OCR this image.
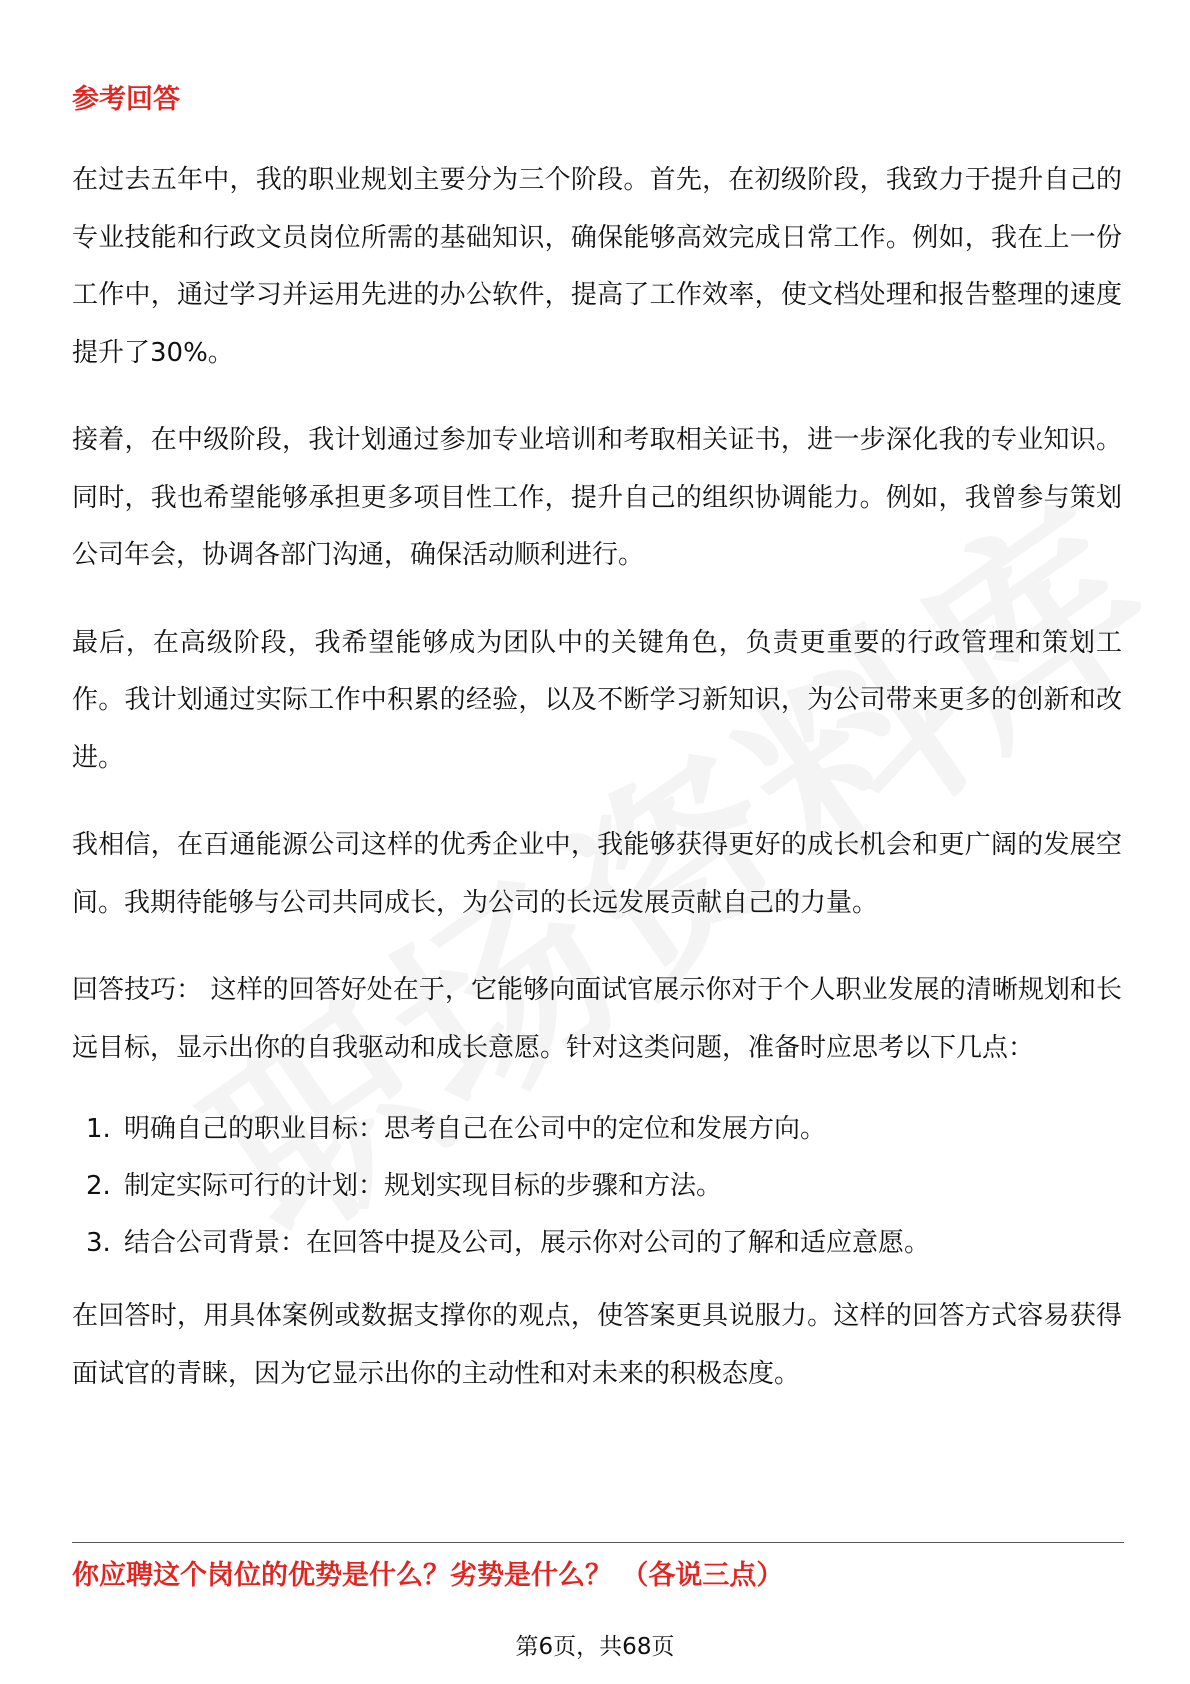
参考回答

在过去五年中，我的职业规划主要分为三个阶段。首先，在初级阶段，我致力于提升自己的专业技能和行政文员岗位所需的基础知识，确保能够高效完成日常工作。例如，我在上一份工作中，通过学习并运用先进的办公软件，提高了工作效率，使文档处理和报告整理的速度提升了30%。

接着，在中级阶段，我计划通过参加专业培训和考取相关证书，进一步深化我的专业知识。同时，我也希望能够承担更多项目性工作，提升自己的组织协调能力。例如，我曾参与策划公司年会，协调各部门沟通，确保活动顺利进行。

最后，在高级阶段，我希望能够成为团队中的关键角色，负责更重要的行政管理和策划工作。我计划通过实际工作中积累的经验，以及不断学习新知识，为公司带来更多的创新和改进。

我相信，在百通能源公司这样的优秀企业中，我能够获得更好的成长机会和更广阔的发展空间。我期待能够与公司共同成长，为公司的长远发展贡献自己的力量。

回答技巧： 这样的回答好处在于，它能够向面试官展示你对于个人职业发展的清晰规划和长远目标，显示出你的自我驱动和成长意愿。针对这类问题，准备时应思考以下几点：

1. 明确自己的职业目标：思考自己在公司中的定位和发展方向。
2. 制定实际可行的计划：规划实现目标的步骤和方法。
3. 结合公司背景：在回答中提及公司，展示你对公司的了解和适应意愿。

在回答时，用具体案例或数据支撑你的观点，使答案更具说服力。这样的回答方式容易获得面试官的青睐，因为它显示出你的主动性和对未来的积极态度。

你应聘这个岗位的优势是什么？劣势是什么？ （各说三点）
第6页，共68页
